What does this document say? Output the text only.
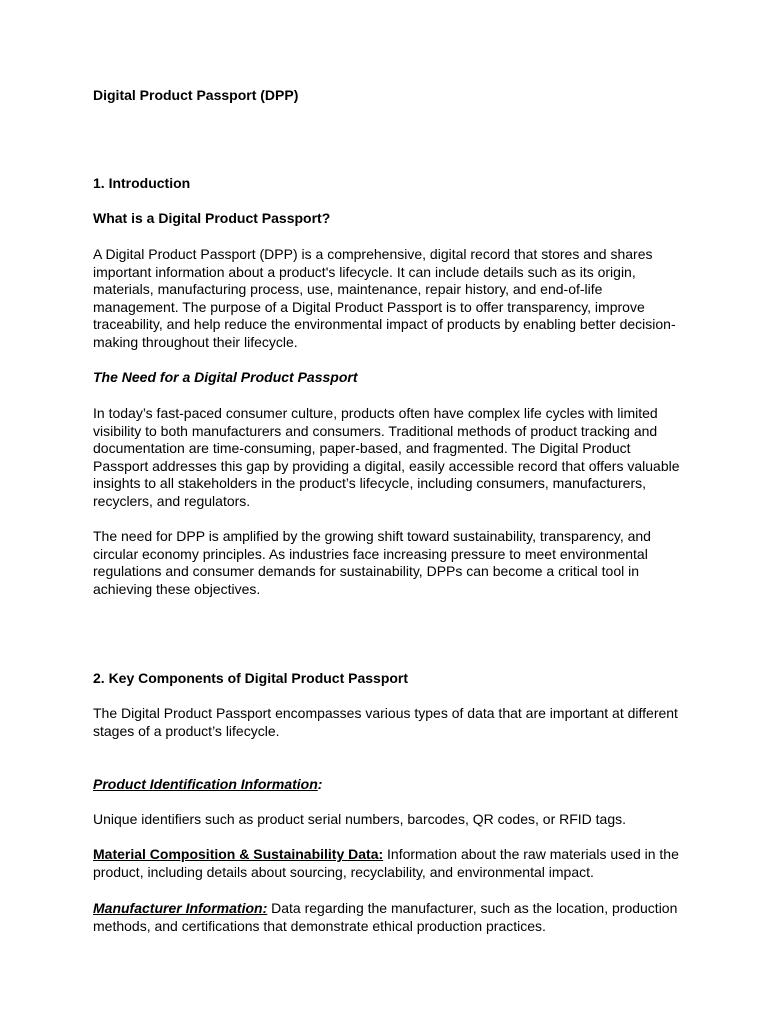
Digital Product Passport (DPP)

1. Introduction

What is a Digital Product Passport?

A Digital Product Passport (DPP) is a comprehensive, digital record that stores and shares important information about a product's lifecycle. It can include details such as its origin, materials, manufacturing process, use, maintenance, repair history, and end-of-life management. The purpose of a Digital Product Passport is to offer transparency, improve traceability, and help reduce the environmental impact of products by enabling better decision-making throughout their lifecycle.

The Need for a Digital Product Passport

In today’s fast-paced consumer culture, products often have complex life cycles with limited visibility to both manufacturers and consumers. Traditional methods of product tracking and documentation are time-consuming, paper-based, and fragmented. The Digital Product Passport addresses this gap by providing a digital, easily accessible record that offers valuable insights to all stakeholders in the product’s lifecycle, including consumers, manufacturers, recyclers, and regulators.

The need for DPP is amplified by the growing shift toward sustainability, transparency, and circular economy principles. As industries face increasing pressure to meet environmental regulations and consumer demands for sustainability, DPPs can become a critical tool in achieving these objectives.

2. Key Components of Digital Product Passport

The Digital Product Passport encompasses various types of data that are important at different stages of a product’s lifecycle.

Product Identification Information:

Unique identifiers such as product serial numbers, barcodes, QR codes, or RFID tags.

Material Composition & Sustainability Data: Information about the raw materials used in the product, including details about sourcing, recyclability, and environmental impact.

Manufacturer Information: Data regarding the manufacturer, such as the location, production methods, and certifications that demonstrate ethical production practices.
